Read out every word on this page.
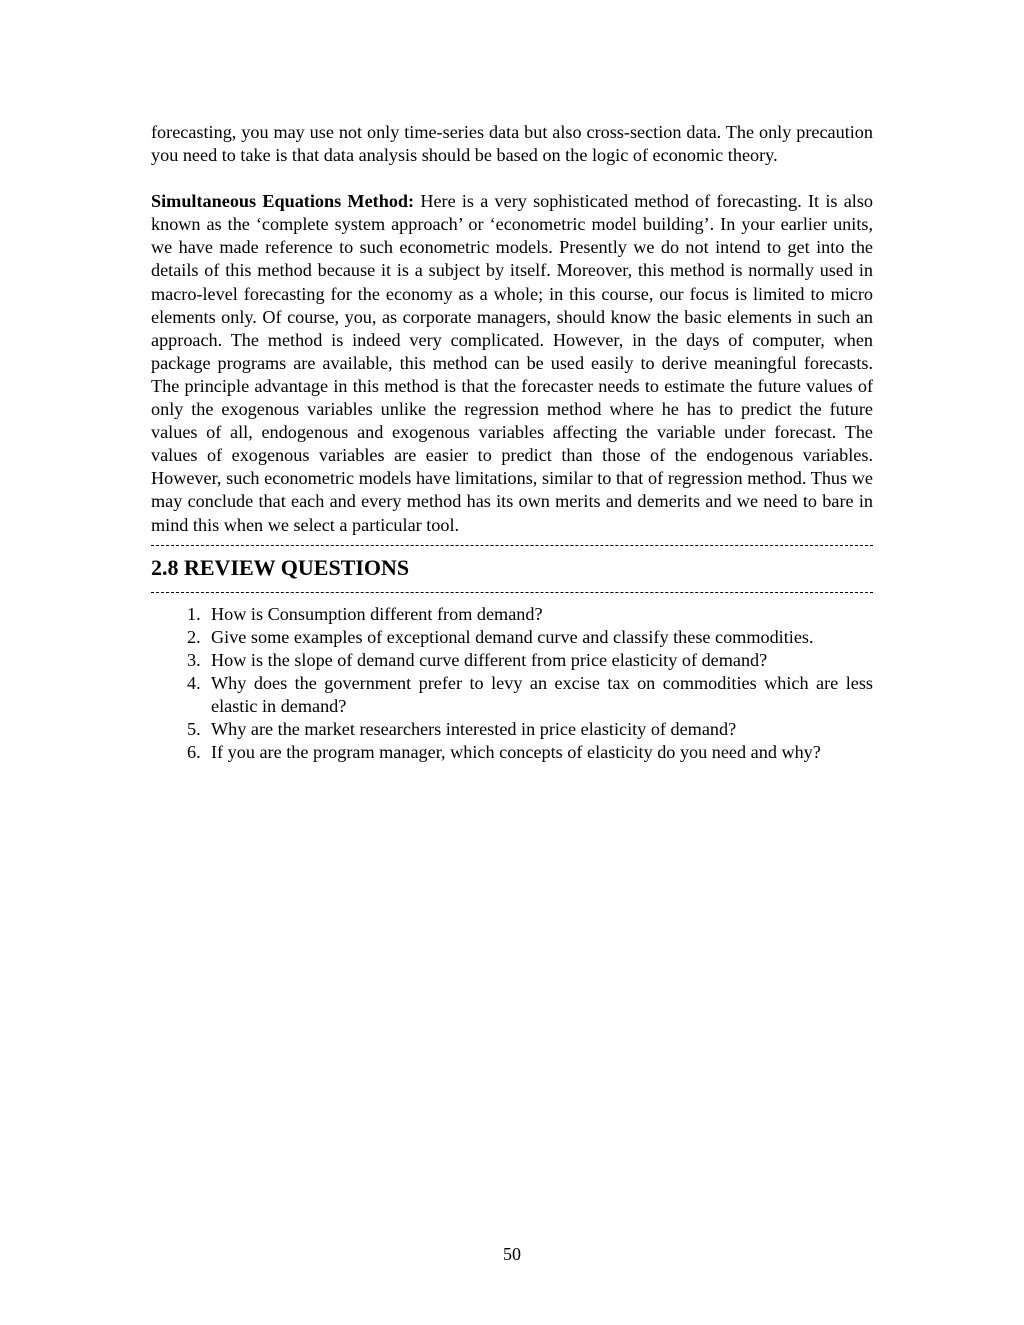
forecasting, you may use not only time-series data but also cross-section data. The only precaution you need to take is that data analysis should be based on the logic of economic theory.

Simultaneous Equations Method: Here is a very sophisticated method of forecasting. It is also known as the ‘complete system approach’ or ‘econometric model building’. In your earlier units, we have made reference to such econometric models. Presently we do not intend to get into the details of this method because it is a subject by itself. Moreover, this method is normally used in macro-level forecasting for the economy as a whole; in this course, our focus is limited to micro elements only. Of course, you, as corporate managers, should know the basic elements in such an approach. The method is indeed very complicated. However, in the days of computer, when package programs are available, this method can be used easily to derive meaningful forecasts. The principle advantage in this method is that the forecaster needs to estimate the future values of only the exogenous variables unlike the regression method where he has to predict the future values of all, endogenous and exogenous variables affecting the variable under forecast. The values of exogenous variables are easier to predict than those of the endogenous variables. However, such econometric models have limitations, similar to that of regression method. Thus we may conclude that each and every method has its own merits and demerits and we need to bare in mind this when we select a particular tool.

2.8 REVIEW QUESTIONS
1. How is Consumption different from demand?
2. Give some examples of exceptional demand curve and classify these commodities.
3. How is the slope of demand curve different from price elasticity of demand?
4. Why does the government prefer to levy an excise tax on commodities which are less elastic in demand?
5. Why are the market researchers interested in price elasticity of demand?
6. If you are the program manager, which concepts of elasticity do you need and why?
50
